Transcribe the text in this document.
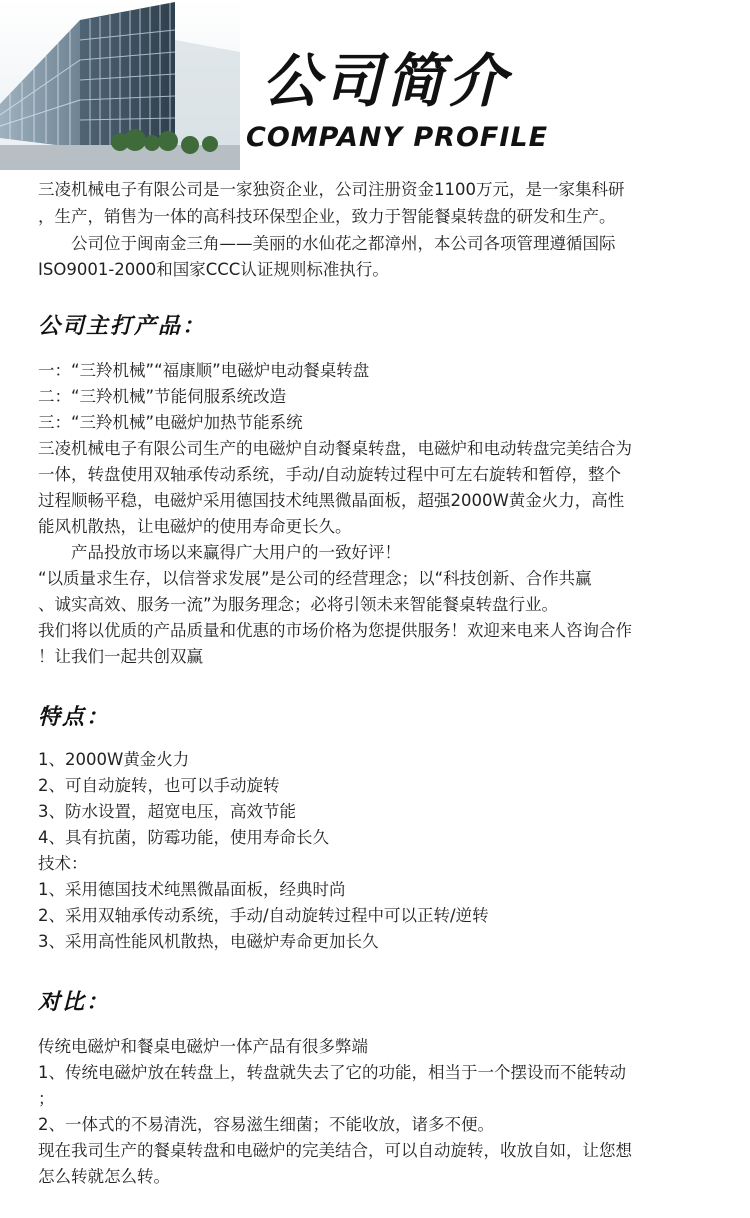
公司简介
COMPANY PROFILE

三凌机械电子有限公司是一家独资企业，公司注册资金1100万元，是一家集科研

，生产，销售为一体的高科技环保型企业，致力于智能餐桌转盘的研发和生产。

公司位于闽南金三角——美丽的水仙花之都漳州，本公司各项管理遵循国际

ISO9001-2000和国家CCC认证规则标准执行。

公司主打产品：

一：“三羚机械”“福康顺”电磁炉电动餐桌转盘

二：“三羚机械”节能伺服系统改造

三：“三羚机械”电磁炉加热节能系统

三凌机械电子有限公司生产的电磁炉自动餐桌转盘，电磁炉和电动转盘完美结合为

一体，转盘使用双轴承传动系统，手动/自动旋转过程中可左右旋转和暂停，整个

过程顺畅平稳，电磁炉采用德国技术纯黑微晶面板，超强2000W黄金火力，高性

能风机散热，让电磁炉的使用寿命更长久。

产品投放市场以来赢得广大用户的一致好评！

“以质量求生存，以信誉求发展”是公司的经营理念；以“科技创新、合作共赢

、诚实高效、服务一流”为服务理念；必将引领未来智能餐桌转盘行业。

我们将以优质的产品质量和优惠的市场价格为您提供服务！欢迎来电来人咨询合作

！让我们一起共创双赢

特点：

1、2000W黄金火力

2、可自动旋转，也可以手动旋转

3、防水设置，超宽电压，高效节能

4、具有抗菌，防霉功能，使用寿命长久

技术：

1、采用德国技术纯黑微晶面板，经典时尚

2、采用双轴承传动系统，手动/自动旋转过程中可以正转/逆转

3、采用高性能风机散热，电磁炉寿命更加长久

对比：

传统电磁炉和餐桌电磁炉一体产品有很多弊端

1、传统电磁炉放在转盘上，转盘就失去了它的功能，相当于一个摆设而不能转动

；

2、一体式的不易清洗，容易滋生细菌；不能收放，诸多不便。

现在我司生产的餐桌转盘和电磁炉的完美结合，可以自动旋转，收放自如，让您想

怎么转就怎么转。
